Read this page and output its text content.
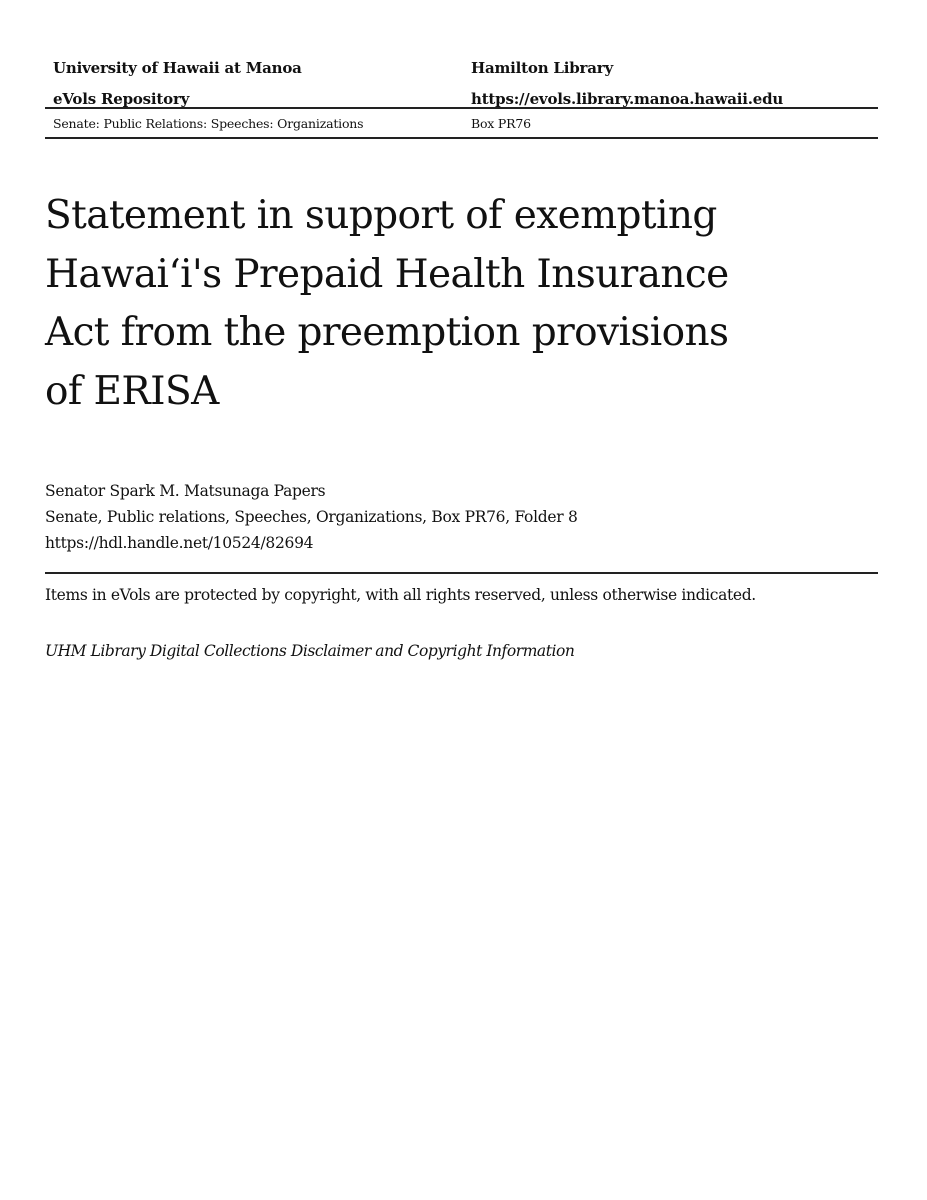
University of Hawaii at Manoa	Hamilton Library
eVols Repository	https://evols.library.manoa.hawaii.edu
Senate: Public Relations: Speeches: Organizations	Box PR76
Statement in support of exempting
Hawai‘i's Prepaid Health Insurance
Act from the preemption provisions
of ERISA
Senator Spark M. Matsunaga Papers
Senate, Public relations, Speeches, Organizations, Box PR76, Folder 8
https://hdl.handle.net/10524/82694
Items in eVols are protected by copyright, with all rights reserved, unless otherwise indicated.
UHM Library Digital Collections Disclaimer and Copyright Information
